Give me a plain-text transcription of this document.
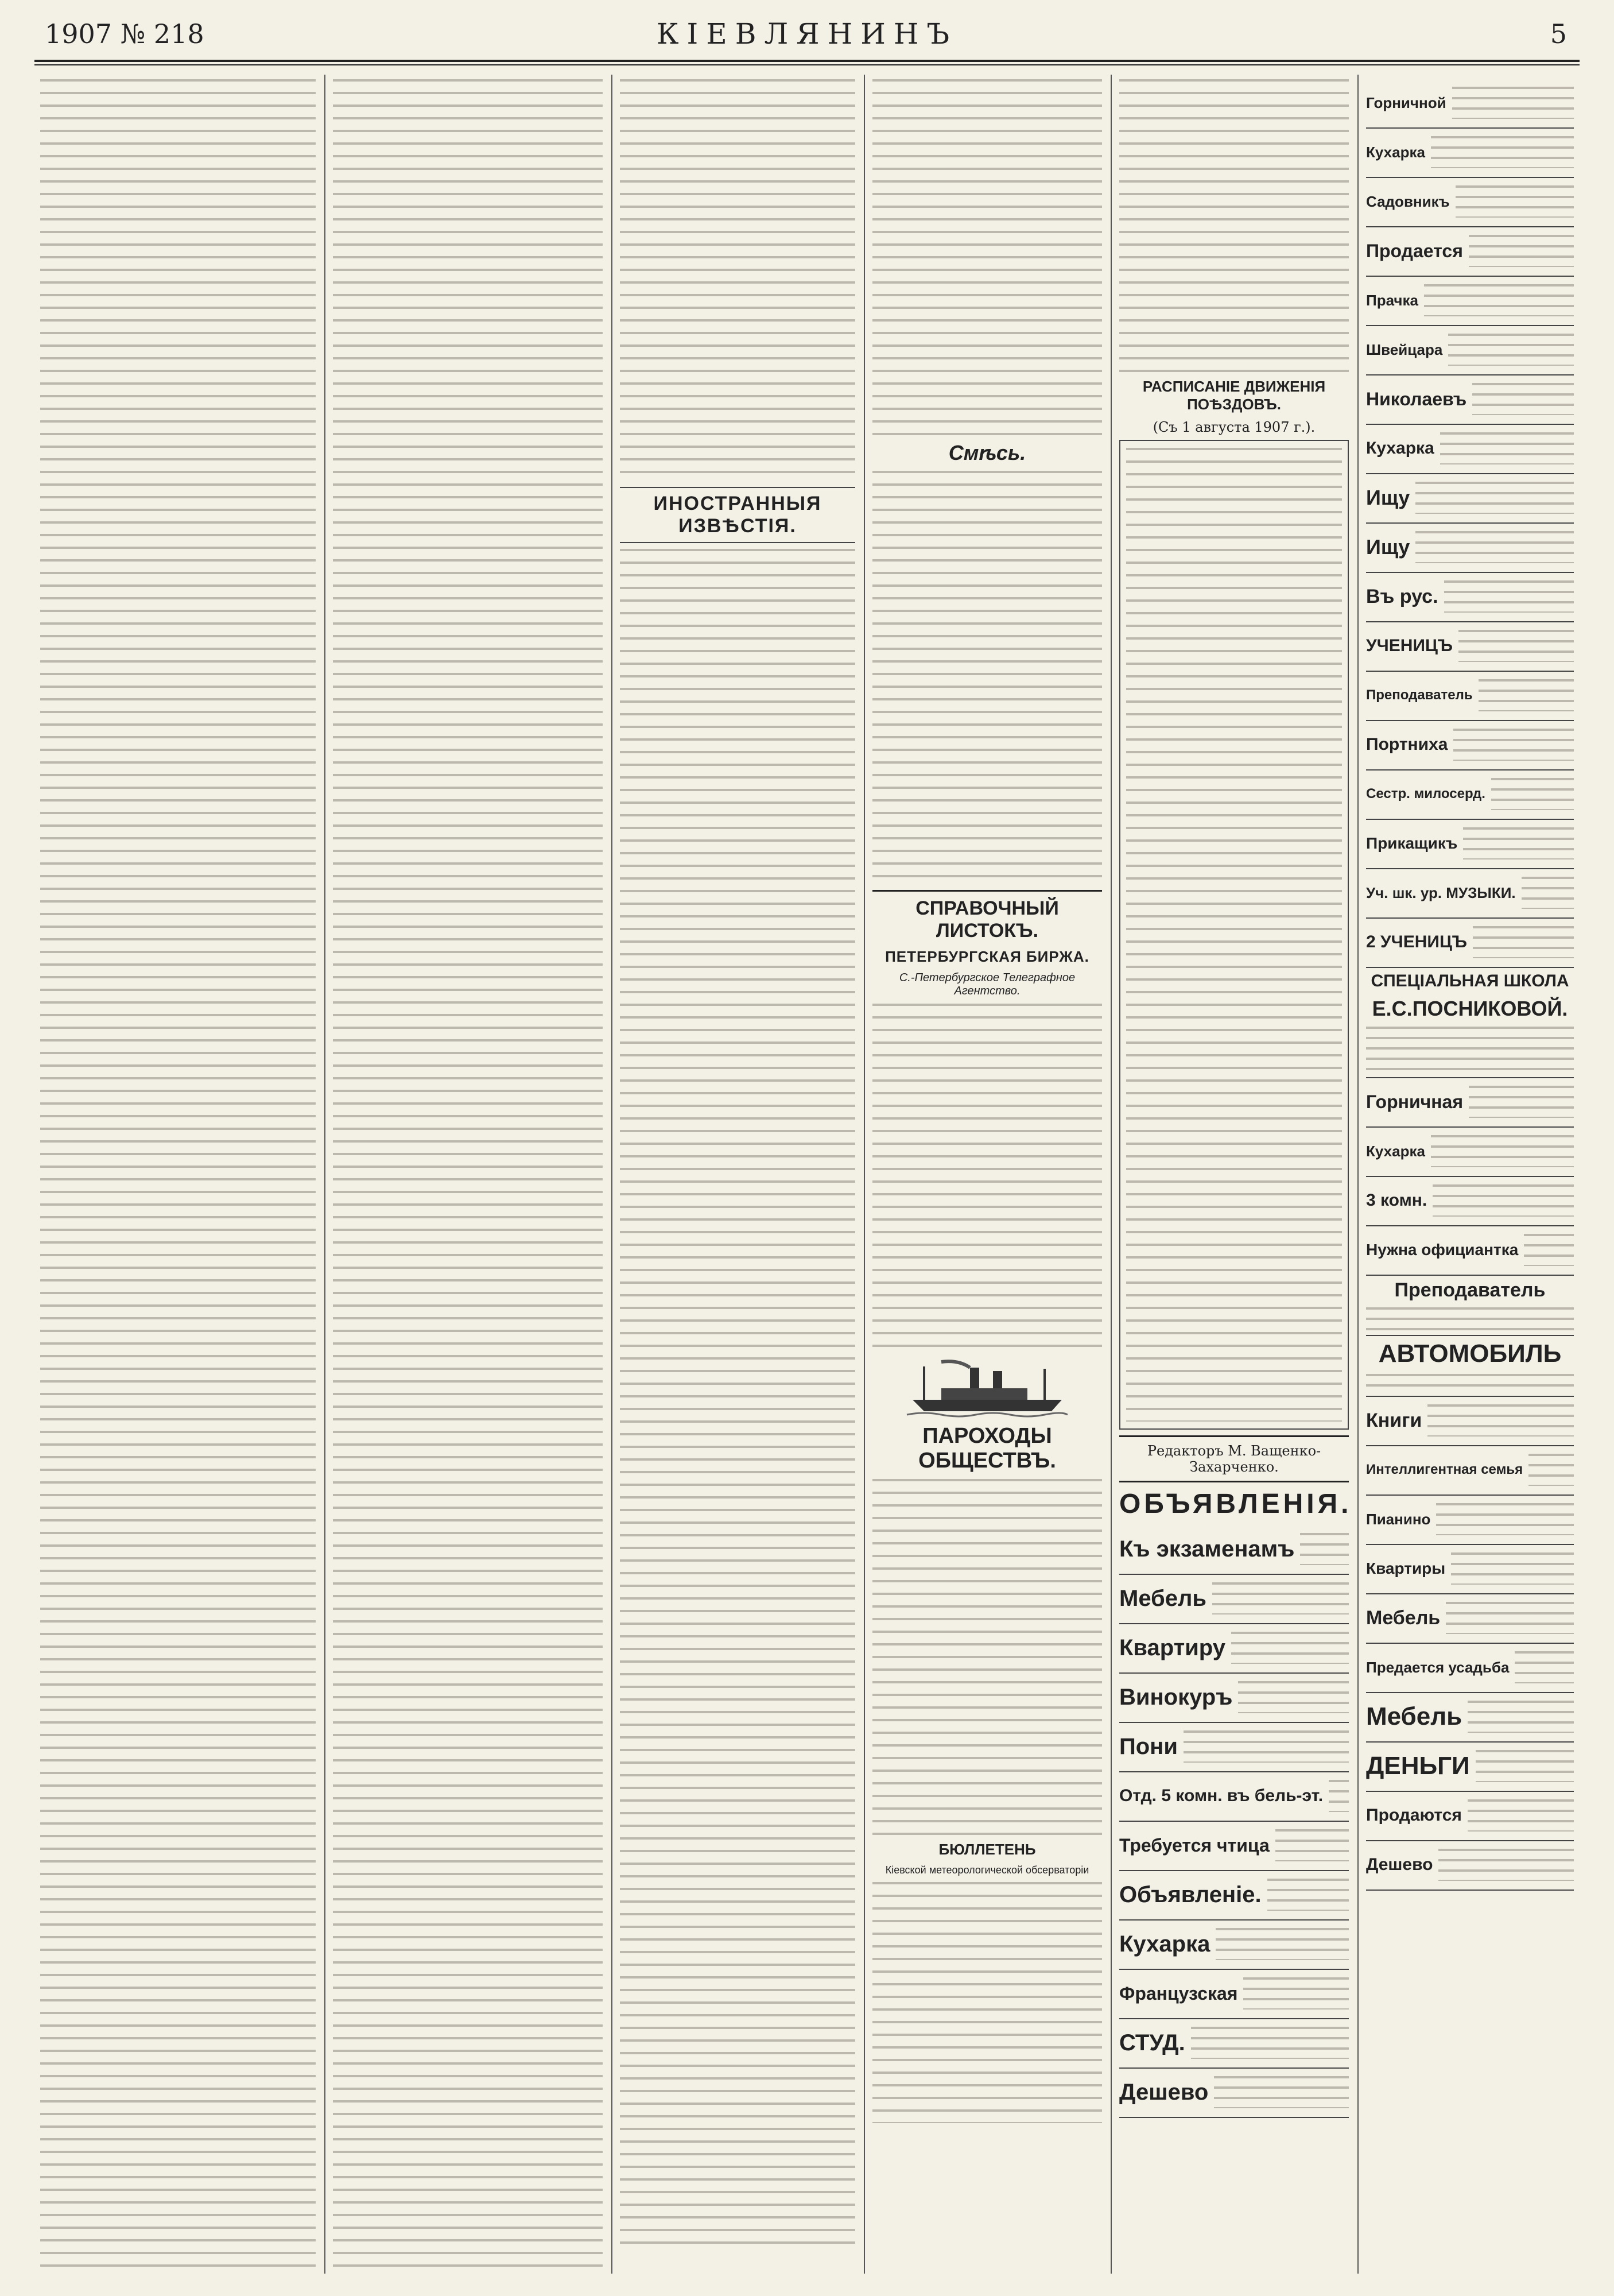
1907 № 218	КІЕВЛЯНИНЪ	5
ИНОСТРАННЫЯ ИЗВѢСТІЯ.
Смѣсь.
СПРАВОЧНЫЙ ЛИСТОКЪ.
ПЕТЕРБУРГСКАЯ БИРЖА.
С.-Петербургское Телеграфное Агентство.
ПАРОХОДЫ ОБЩЕСТВЪ.
БЮЛЛЕТЕНЬ
Кіевской метеорологической обсерваторіи
РАСПИСАНІЕ ДВИЖЕНІЯ ПОѢЗДОВЪ.
(Съ 1 августа 1907 г.).
Редакторъ М. Ващенко-Захарченко.
ОБЪЯВЛЕНІЯ.
Къ экзаменамъ
Мебель
Квартиру
Винокуръ
Пони
Отд. 5 комн. въ бель-эт.
Требуется чтица
Объявленіе.
Кухарка
Французская
СТУД.
Дешево
Горничной
Кухарка
Садовникъ
Продается
Прачка
Швейцара
Николаевъ
Кухарка
Ищу
Ищу
Въ рус.
УЧЕНИЦЪ
Преподаватель
Портниха
Сестр. милосерд.
Прикащикъ
Уч. шк. ур. МУЗЫКИ.
2 УЧЕНИЦЪ
СПЕЦІАЛЬНАЯ ШКОЛА
Е.С.ПОСНИКОВОЙ.
Горничная
Кухарка
3 комн.
Нужна официантка
Преподаватель
АВТОМОБИЛЬ
Книги
Интеллигентная семья
Пианино
Квартиры
Мебель
Предается усадьба
Мебель
ДЕНЬГИ
Продаются
Дешево
